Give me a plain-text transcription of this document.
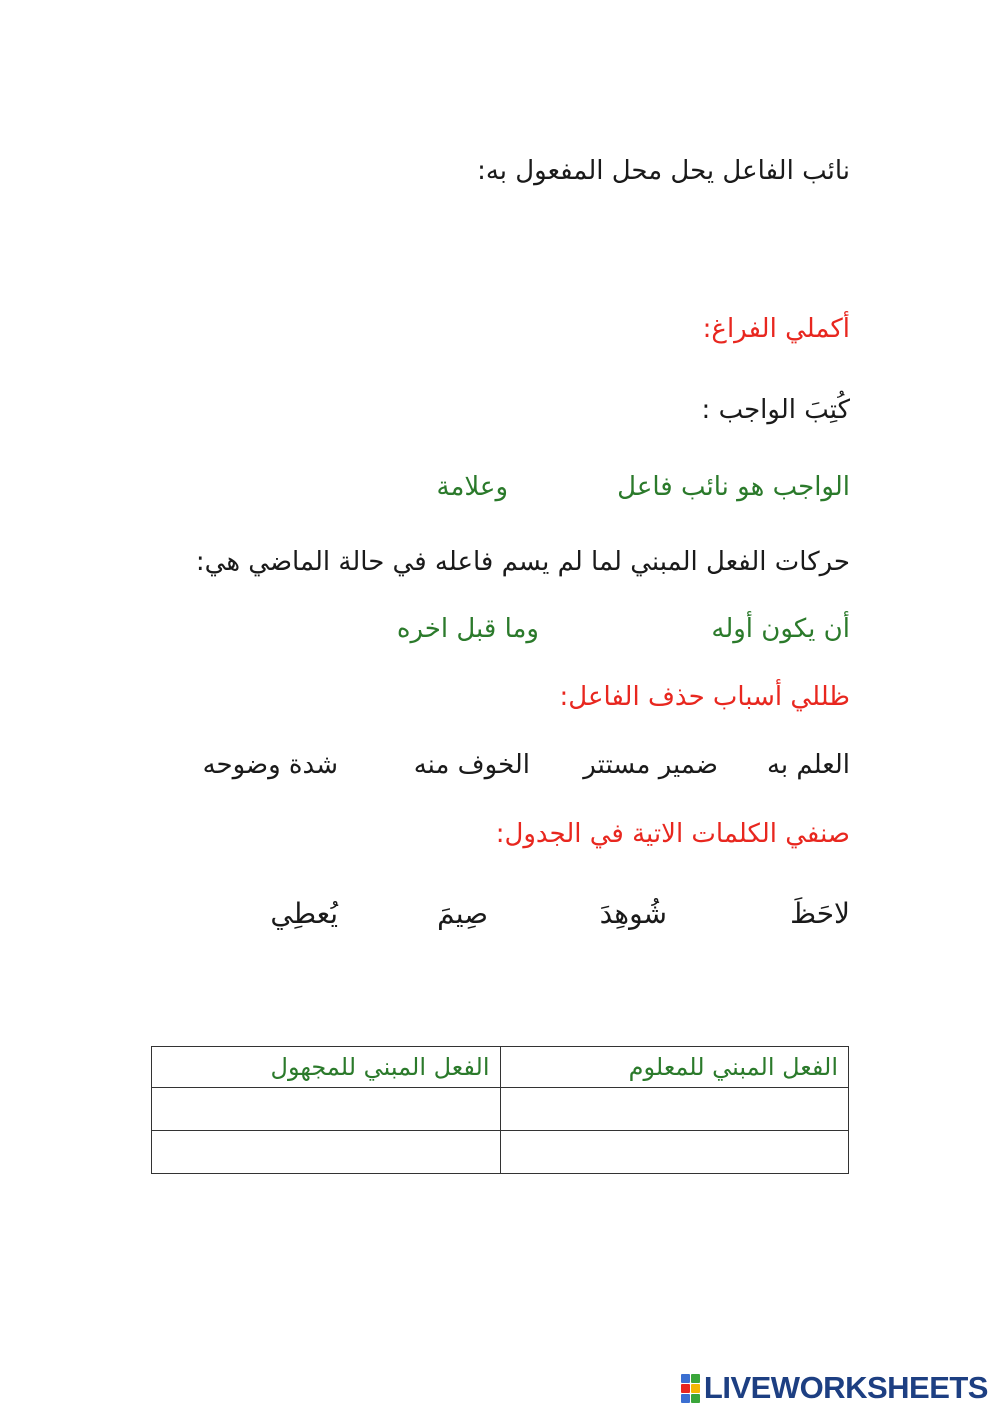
نائب الفاعل يحل محل المفعول به:

أكملي الفراغ:

كُتِبَ الواجب :

الواجب هو نائب فاعل
وعلامة

حركات الفعل المبني لما لم يسم فاعله في حالة الماضي هي:

أن يكون أوله
وما قبل اخره

ظللي أسباب حذف الفاعل:

العلم به
ضمير مستتر
الخوف منه
شدة وضوحه

صنفي الكلمات الاتية في الجدول:

لاحَظَ
شُوهِدَ
صِيمَ
يُعطِي
الفعل المبني للمعلوم	الفعل المبني للمجهول

LIVEWORKSHEETS
